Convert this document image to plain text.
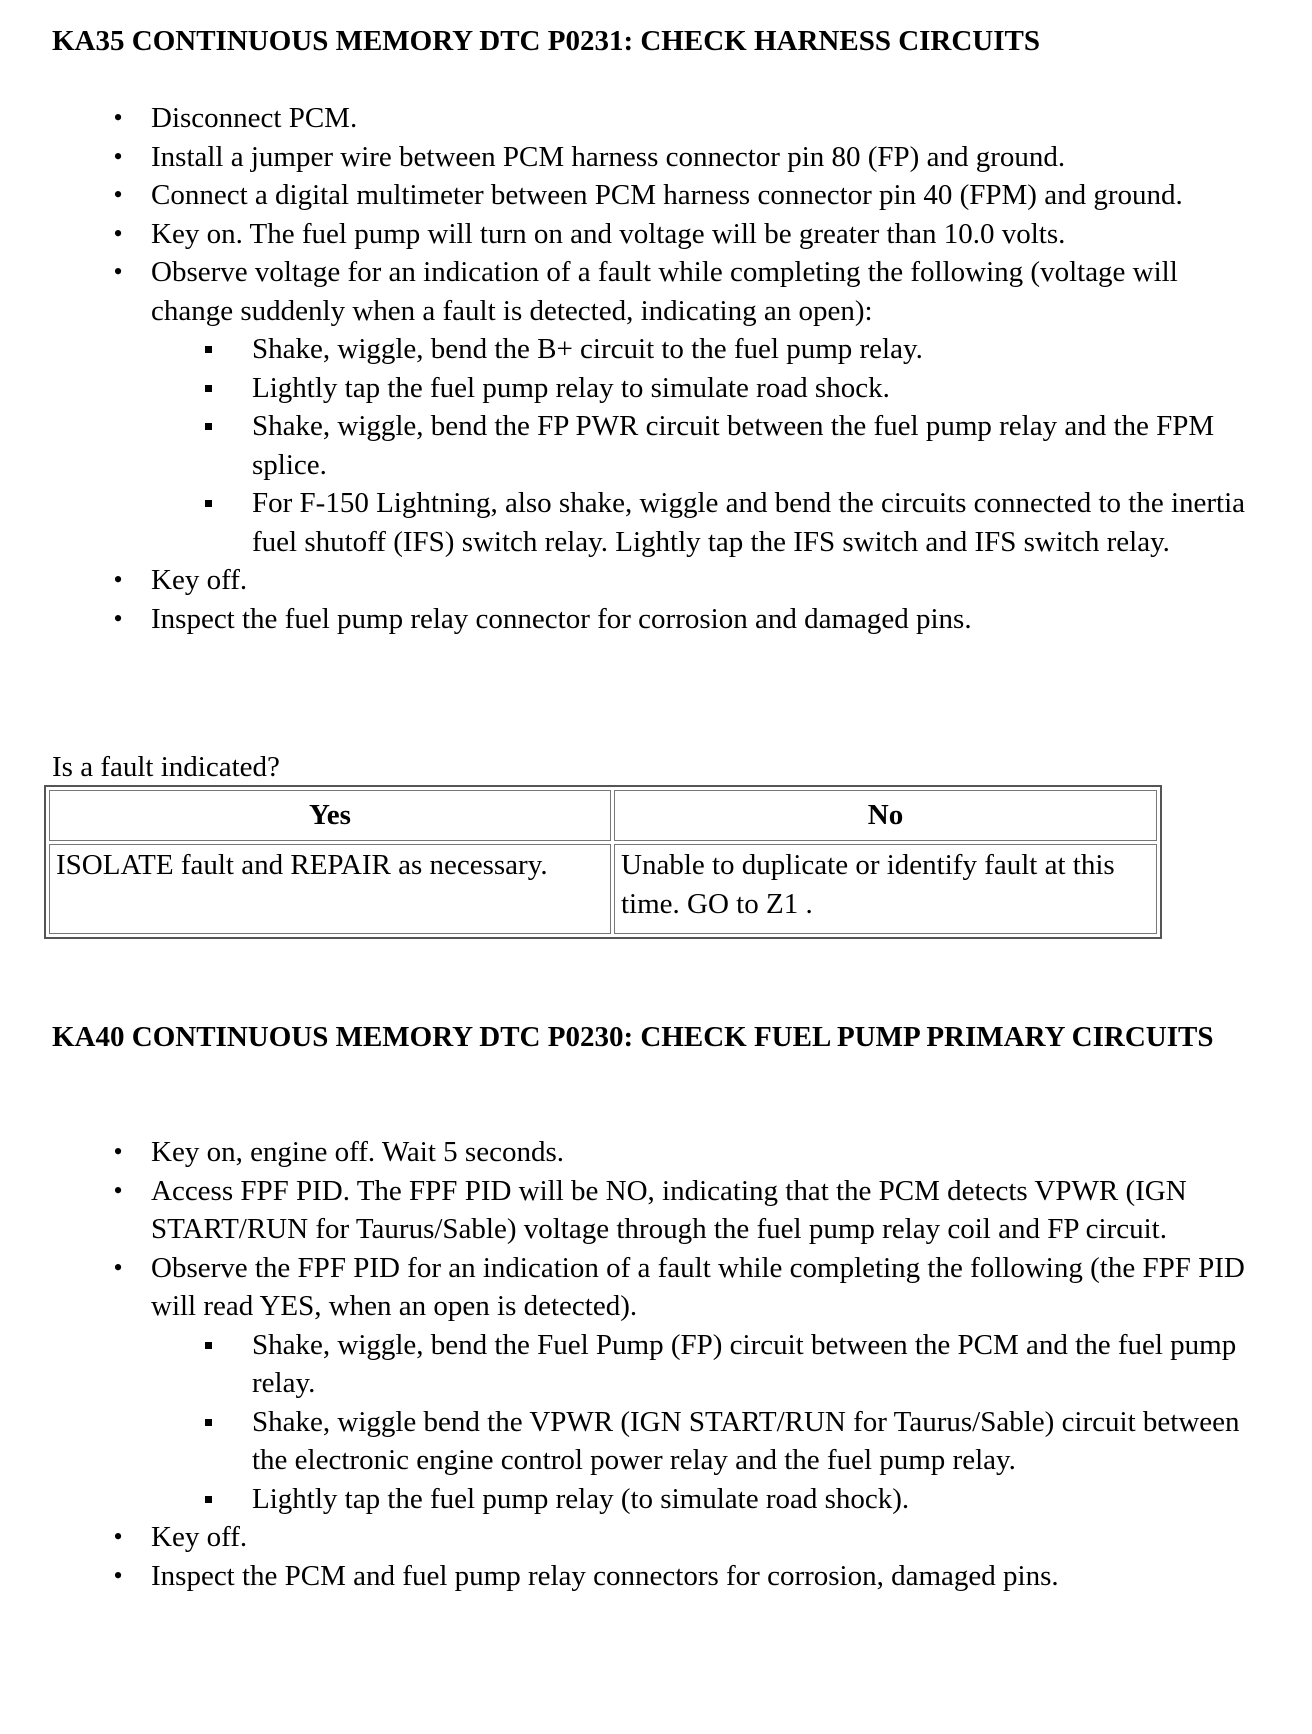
KA35 CONTINUOUS MEMORY DTC P0231: CHECK HARNESS CIRCUITS
• Disconnect PCM.
• Install a jumper wire between PCM harness connector pin 80 (FP) and ground.
• Connect a digital multimeter between PCM harness connector pin 40 (FPM) and ground.
• Key on. The fuel pump will turn on and voltage will be greater than 10.0 volts.
• Observe voltage for an indication of a fault while completing the following (voltage will change suddenly when a fault is detected, indicating an open):
Shake, wiggle, bend the B+ circuit to the fuel pump relay.
Lightly tap the fuel pump relay to simulate road shock.
Shake, wiggle, bend the FP PWR circuit between the fuel pump relay and the FPM splice.
For F-150 Lightning, also shake, wiggle and bend the circuits connected to the inertia fuel shutoff (IFS) switch relay. Lightly tap the IFS switch and IFS switch relay.
• Key off.
• Inspect the fuel pump relay connector for corrosion and damaged pins.
Is a fault indicated?
Yes	No
ISOLATE fault and REPAIR as necessary.	Unable to duplicate or identify fault at this time. GO to Z1 .
KA40 CONTINUOUS MEMORY DTC P0230: CHECK FUEL PUMP PRIMARY CIRCUITS
• Key on, engine off. Wait 5 seconds.
• Access FPF PID. The FPF PID will be NO, indicating that the PCM detects VPWR (IGN START/RUN for Taurus/Sable) voltage through the fuel pump relay coil and FP circuit.
• Observe the FPF PID for an indication of a fault while completing the following (the FPF PID will read YES, when an open is detected).
Shake, wiggle, bend the Fuel Pump (FP) circuit between the PCM and the fuel pump relay.
Shake, wiggle bend the VPWR (IGN START/RUN for Taurus/Sable) circuit between the electronic engine control power relay and the fuel pump relay.
Lightly tap the fuel pump relay (to simulate road shock).
• Key off.
• Inspect the PCM and fuel pump relay connectors for corrosion, damaged pins.
